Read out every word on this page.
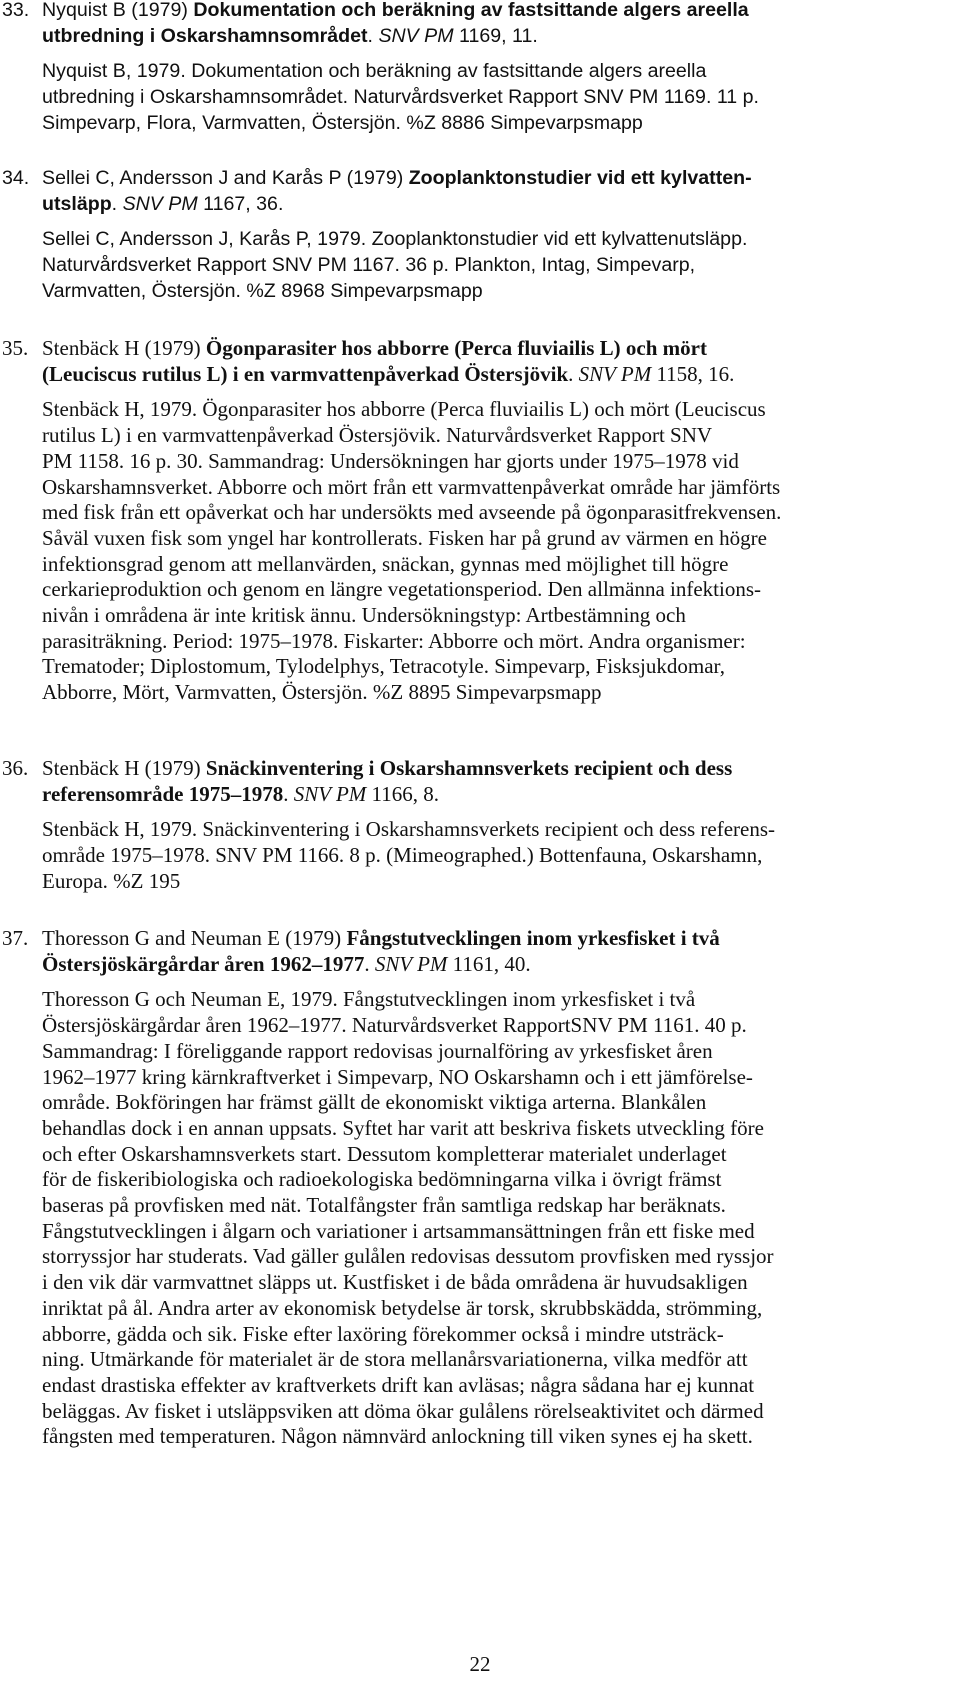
33. Nyquist B (1979) Dokumentation och beräkning av fastsittande algers areella
utbredning i Oskarshamnsområdet. SNV PM 1169, 11.
Nyquist B, 1979. Dokumentation och beräkning av fastsittande algers areella
utbredning i Oskarshamnsområdet. Naturvårdsverket Rapport SNV PM 1169. 11 p.
Simpevarp, Flora, Varmvatten, Östersjön. %Z 8886 Simpevarpsmapp
34. Sellei C, Andersson J and Karås P (1979) Zooplanktonstudier vid ett kylvatten-
utsläpp. SNV PM 1167, 36.
Sellei C, Andersson J, Karås P, 1979. Zooplanktonstudier vid ett kylvattenutsläpp.
Naturvårdsverket Rapport SNV PM 1167. 36 p. Plankton, Intag, Simpevarp,
Varmvatten, Östersjön. %Z 8968 Simpevarpsmapp
35. Stenbäck H (1979) Ögonparasiter hos abborre (Perca fluviailis L) och mört
(Leuciscus rutilus L) i en varmvattenpåverkad Östersjövik. SNV PM 1158, 16.
Stenbäck H, 1979. Ögonparasiter hos abborre (Perca fluviailis L) och mört (Leuciscus
rutilus L) i en varmvattenpåverkad Östersjövik. Naturvårdsverket Rapport SNV
PM 1158. 16 p. 30. Sammandrag: Undersökningen har gjorts under 1975–1978 vid
Oskarshamnsverket. Abborre och mört från ett varmvattenpåverkat område har jämförts
med fisk från ett opåverkat och har undersökts med avseende på ögonparasitfrekvensen.
Såväl vuxen fisk som yngel har kontrollerats. Fisken har på grund av värmen en högre
infektionsgrad genom att mellanvärden, snäckan, gynnas med möjlighet till högre
cerkarieproduktion och genom en längre vegetationsperiod. Den allmänna infektions-
nivån i områdena är inte kritisk ännu. Undersökningstyp: Artbestämning och
parasiträkning. Period: 1975–1978. Fiskarter: Abborre och mört. Andra organismer:
Trematoder; Diplostomum, Tylodelphys, Tetracotyle. Simpevarp, Fisksjukdomar,
Abborre, Mört, Varmvatten, Östersjön. %Z 8895 Simpevarpsmapp
36. Stenbäck H (1979) Snäckinventering i Oskarshamnsverkets recipient och dess
referensområde 1975–1978. SNV PM 1166, 8.
Stenbäck H, 1979. Snäckinventering i Oskarshamnsverkets recipient och dess referens-
område 1975–1978. SNV PM 1166. 8 p. (Mimeographed.) Bottenfauna, Oskarshamn,
Europa. %Z 195
37. Thoresson G and Neuman E (1979) Fångstutvecklingen inom yrkesfisket i två
Östersjöskärgårdar åren 1962–1977. SNV PM 1161, 40.
Thoresson G och Neuman E, 1979. Fångstutvecklingen inom yrkesfisket i två
Östersjöskärgårdar åren 1962–1977. Naturvårdsverket RapportSNV PM 1161. 40 p.
Sammandrag: I föreliggande rapport redovisas journalföring av yrkesfisket åren
1962–1977 kring kärnkraftverket i Simpevarp, NO Oskarshamn och i ett jämförelse-
område. Bokföringen har främst gällt de ekonomiskt viktiga arterna. Blankålen
behandlas dock i en annan uppsats. Syftet har varit att beskriva fiskets utveckling före
och efter Oskarshamnsverkets start. Dessutom kompletterar materialet underlaget
för de fiskeribiologiska och radioekologiska bedömningarna vilka i övrigt främst
baseras på provfisken med nät. Totalfångster från samtliga redskap har beräknats.
Fångstutvecklingen i ålgarn och variationer i artsammansättningen från ett fiske med
storryssjor har studerats. Vad gäller gulålen redovisas dessutom provfisken med ryssjor
i den vik där varmvattnet släpps ut. Kustfisket i de båda områdena är huvudsakligen
inriktat på ål. Andra arter av ekonomisk betydelse är torsk, skrubbskädda, strömming,
abborre, gädda och sik. Fiske efter laxöring förekommer också i mindre utsträck-
ning. Utmärkande för materialet är de stora mellanårsvariationerna, vilka medför att
endast drastiska effekter av kraftverkets drift kan avläsas; några sådana har ej kunnat
beläggas. Av fisket i utsläppsviken att döma ökar gulålens rörelseaktivitet och därmed
fångsten med temperaturen. Någon nämnvärd anlockning till viken synes ej ha skett.
22
